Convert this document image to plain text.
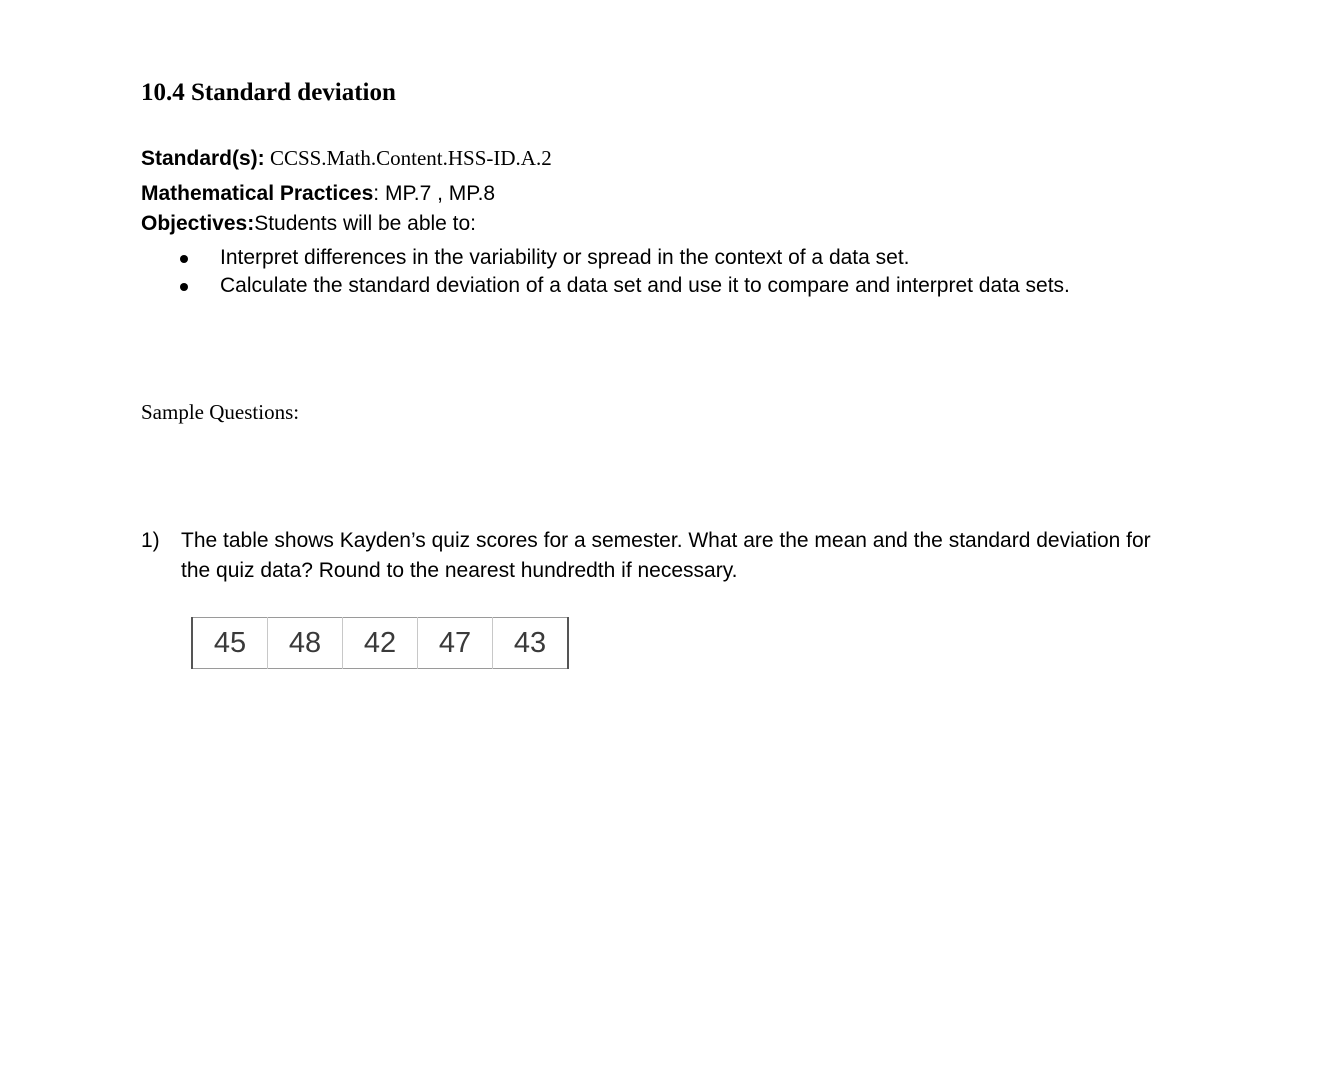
10.4 Standard deviation
Standard(s): CCSS.Math.Content.HSS-ID.A.2
Mathematical Practices: MP.7 , MP.8
Objectives:Students will be able to:
Interpret differences in the variability or spread in the context of a data set.
Calculate the standard deviation of a data set and use it to compare and interpret data sets.
Sample Questions:
1) The table shows Kayden’s quiz scores for a semester. What are the mean and the standard deviation for the quiz data? Round to the nearest hundredth if necessary.
45	48	42	47	43
